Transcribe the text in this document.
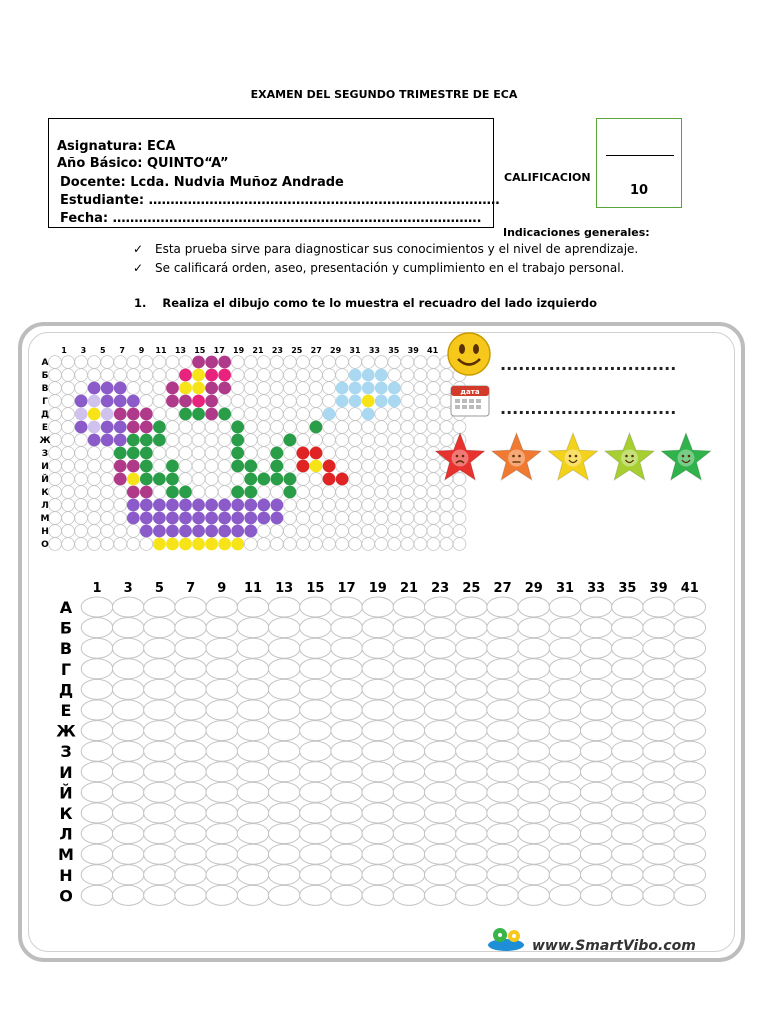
EXAMEN DEL SEGUNDO TRIMESTRE DE ECA
Asignatura: ECA
Año Básico: QUINTO“A”
Docente: Lcda. Nudvia Muñoz Andrade
Estudiante: ………………………………………………………………………
Fecha: ………………………………………………………………………….
CALIFICACION
10
Indicaciones generales:
✓ Esta prueba sirve para diagnosticar sus conocimientos y el nivel de aprendizaje.
✓ Se calificará orden, aseo, presentación y cumplimiento en el trabajo personal.
1. Realiza el dibujo como te lo muestra el recuadro del lado izquierdo
1 3 5 7 9 11 13 15 17 19 21 23 25 27 29 31 33 35 39 41
А
Б
В
Г
Д
Е
Ж
З
И
Й
К
Л
М
Н
О
1 3 5 7 9 11 13 15 17 19 21 23 25 27 29 31 33 35 39 41
А
Б
В
Г
Д
Е
Ж
З
И
Й
К
Л
М
Н
О
дата
.............................
.............................
www.SmartVibo.com
